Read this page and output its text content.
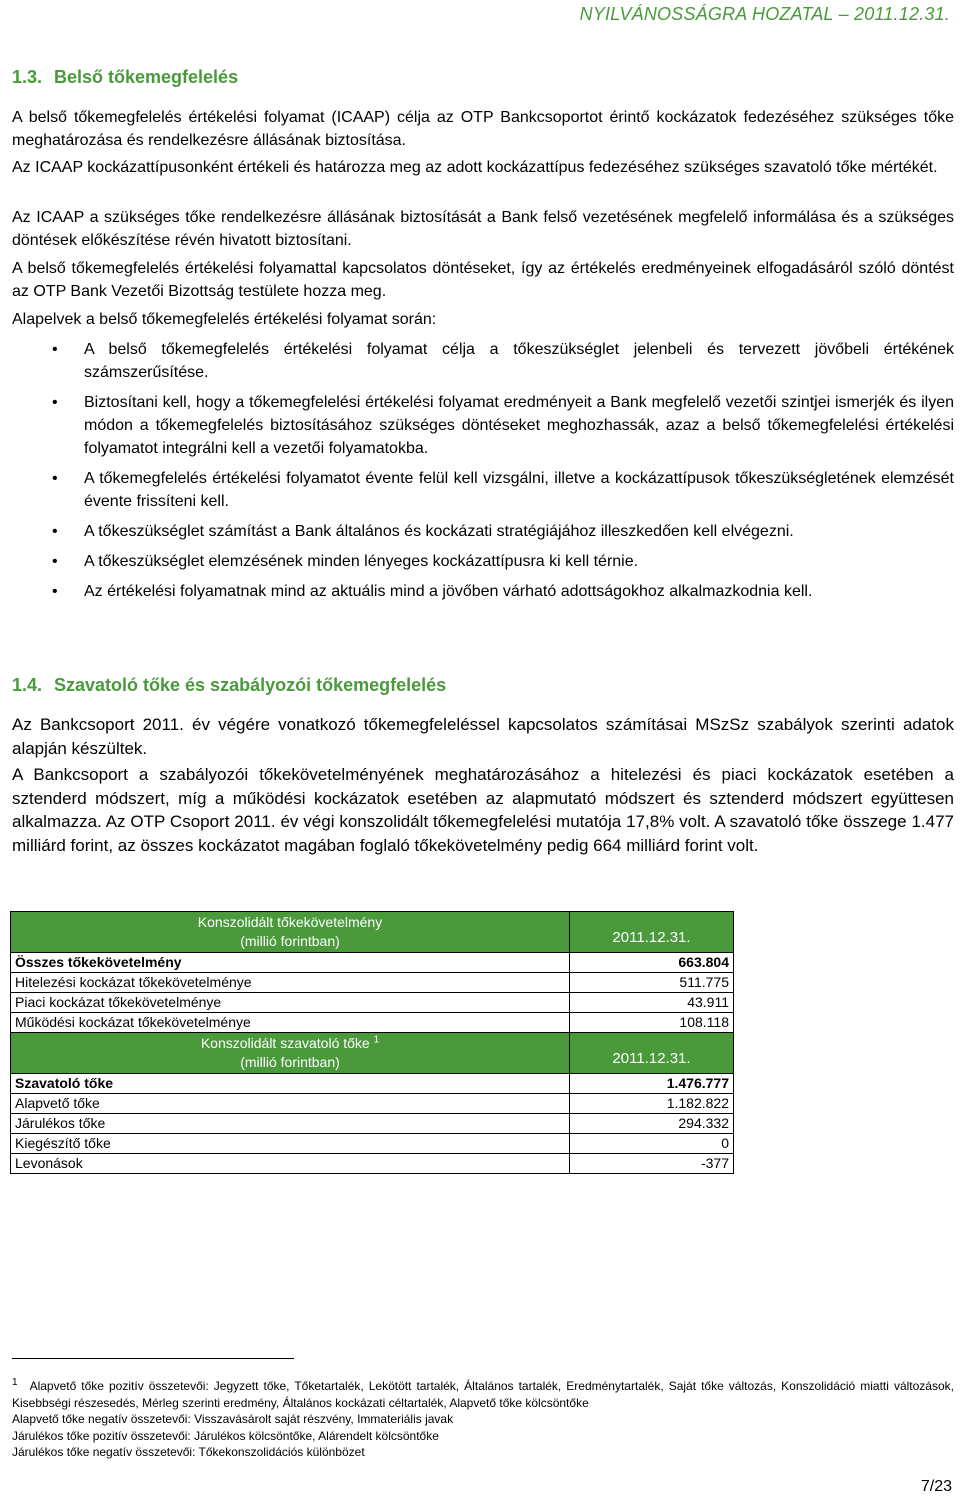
NYILVÁNOSSÁGRA HOZATAL – 2011.12.31.
1.3. Belső tőkemegfelelés
A belső tőkemegfelelés értékelési folyamat (ICAAP) célja az OTP Bankcsoportot érintő kockázatok fedezéséhez szükséges tőke meghatározása és rendelkezésre állásának biztosítása.
Az ICAAP kockázattípusonként értékeli és határozza meg az adott kockázattípus fedezéséhez szükséges szavatoló tőke mértékét.
Az ICAAP a szükséges tőke rendelkezésre állásának biztosítását a Bank felső vezetésének megfelelő informálása és a szükséges döntések előkészítése révén hivatott biztosítani.
A belső tőkemegfelelés értékelési folyamattal kapcsolatos döntéseket, így az értékelés eredményeinek elfogadásáról szóló döntést az OTP Bank Vezetői Bizottság testülete hozza meg.
Alapelvek a belső tőkemegfelelés értékelési folyamat során:
• A belső tőkemegfelelés értékelési folyamat célja a tőkeszükséglet jelenbeli és tervezett jövőbeli értékének számszerűsítése.
• Biztosítani kell, hogy a tőkemegfelelési értékelési folyamat eredményeit a Bank megfelelő vezetői szintjei ismerjék és ilyen módon a tőkemegfelelés biztosításához szükséges döntéseket meghozhassák, azaz a belső tőkemegfelelési értékelési folyamatot integrálni kell a vezetői folyamatokba.
• A tőkemegfelelés értékelési folyamatot évente felül kell vizsgálni, illetve a kockázattípusok tőkeszükségletének elemzését évente frissíteni kell.
• A tőkeszükséglet számítást a Bank általános és kockázati stratégiájához illeszkedően kell elvégezni.
• A tőkeszükséglet elemzésének minden lényeges kockázattípusra ki kell térnie.
• Az értékelési folyamatnak mind az aktuális mind a jövőben várható adottságokhoz alkalmazkodnia kell.
1.4. Szavatoló tőke és szabályozói tőkemegfelelés
Az Bankcsoport 2011. év végére vonatkozó tőkemegfeleléssel kapcsolatos számításai MSzSz szabályok szerinti adatok alapján készültek.
A Bankcsoport a szabályozói tőkekövetelményének meghatározásához a hitelezési és piaci kockázatok esetében a sztenderd módszert, míg a működési kockázatok esetében az alapmutató módszert és sztenderd módszert együttesen alkalmazza. Az OTP Csoport 2011. év végi konszolidált tőkemegfelelési mutatója 17,8% volt. A szavatoló tőke összege 1.477 milliárd forint, az összes kockázatot magában foglaló tőkekövetelmény pedig 664 milliárd forint volt.
Konszolidált tőkekövetelmény
(millió forintban)	2011.12.31.
Összes tőkekövetelmény	663.804
Hitelezési kockázat tőkekövetelménye	511.775
Piaci kockázat tőkekövetelménye	43.911
Működési kockázat tőkekövetelménye	108.118
Konszolidált szavatoló tőke $^1$
(millió forintban)	2011.12.31.
Szavatoló tőke	1.476.777
Alapvető tőke	1.182.822
Járulékos tőke	294.332
Kiegészítő tőke	0
Levonások	-377
1 Alapvető tőke pozitív összetevői: Jegyzett tőke, Tőketartalék, Lekötött tartalék, Általános tartalék, Eredménytartalék, Saját tőke változás, Konszolidáció miatti változások, Kisebbségi részesedés, Mérleg szerinti eredmény, Általános kockázati céltartalék, Alapvető tőke kölcsöntőke
Alapvető tőke negatív összetevői: Visszavásárolt saját részvény, Immateriális javak
Járulékos tőke pozitív összetevői: Járulékos kölcsöntőke, Alárendelt kölcsöntőke
Járulékos tőke negatív összetevői: Tőkekonszolidációs különbözet
7/23
